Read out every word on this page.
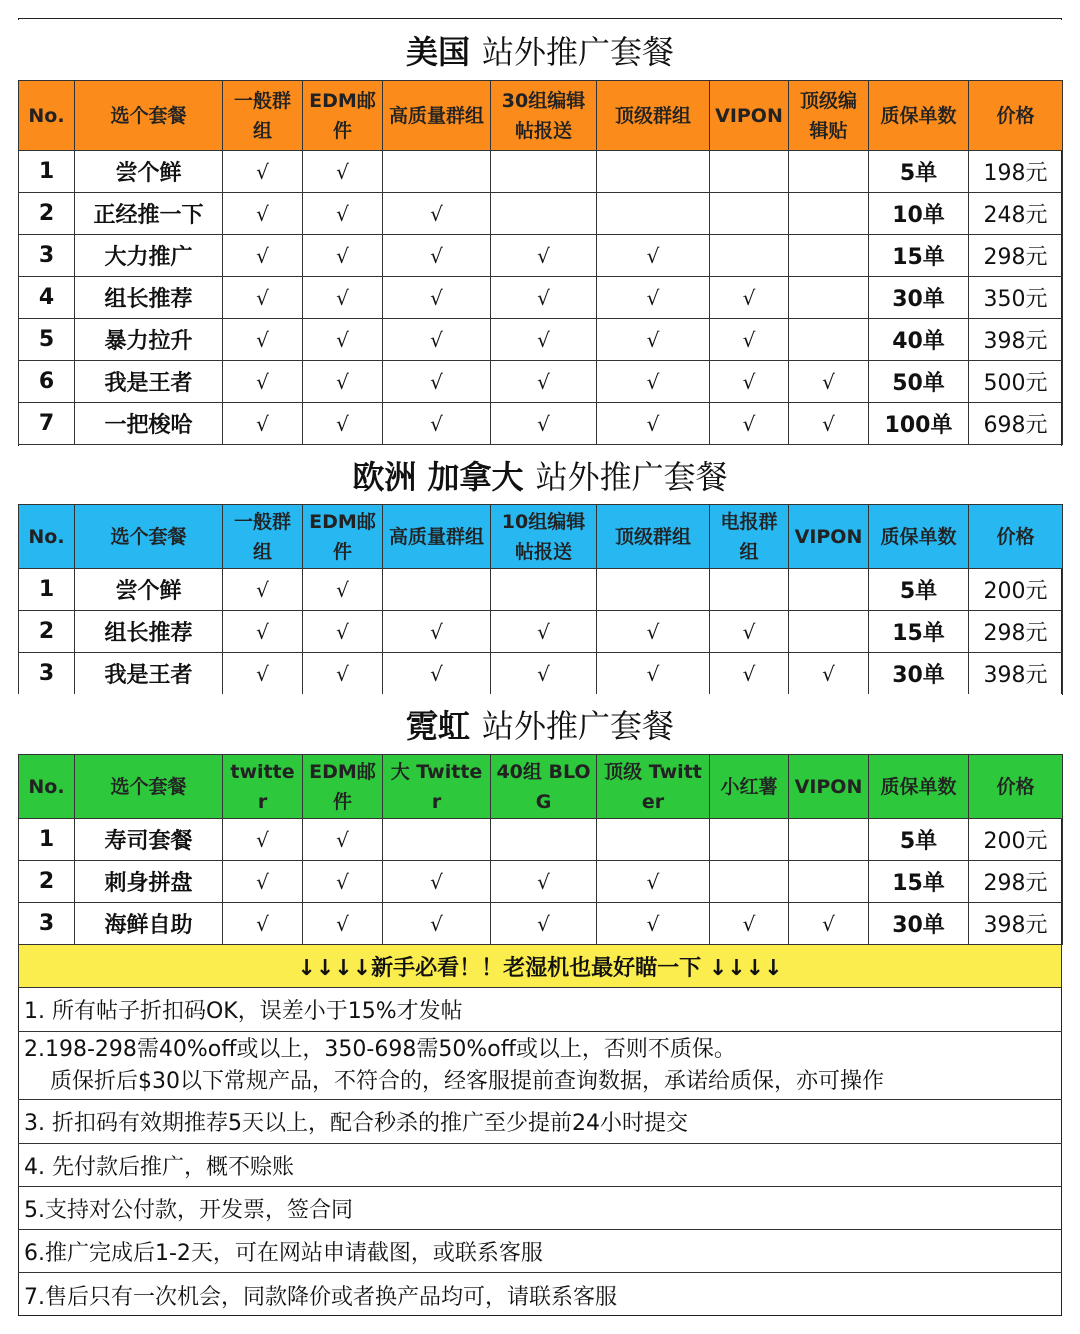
美国 站外推广套餐
No.	选个套餐	一般群组	EDM邮件	高质量群组	30组编辑帖报送	顶级群组	VIPON	顶级编辑贴	质保单数	价格
1	尝个鲜	√	√						5单	198元
2	正经推一下	√	√	√					10单	248元
3	大力推广	√	√	√	√	√			15单	298元
4	组长推荐	√	√	√	√	√	√		30单	350元
5	暴力拉升	√	√	√	√	√	√		40单	398元
6	我是王者	√	√	√	√	√	√	√	50单	500元
7	一把梭哈	√	√	√	√	√	√	√	100单	698元
欧洲 加拿大 站外推广套餐
No.	选个套餐	一般群组	EDM邮件	高质量群组	10组编辑帖报送	顶级群组	电报群组	VIPON	质保单数	价格
1	尝个鲜	√	√						5单	200元
2	组长推荐	√	√	√	√	√	√		15单	298元
3	我是王者	√	√	√	√	√	√	√	30单	398元
霓虹 站外推广套餐
No.	选个套餐	twitter	EDM邮件	大 Twitter	40组 BLOG	顶级 Twitter	小红薯	VIPON	质保单数	价格
1	寿司套餐	√	√						5单	200元
2	刺身拼盘	√	√	√	√	√			15单	298元
3	海鲜自助	√	√	√	√	√	√	√	30单	398元
↓↓↓↓新手必看！！老湿机也最好瞄一下 ↓↓↓↓
1. 所有帖子折扣码OK，误差小于15%才发帖
2.198-298需40%off或以上，350-698需50%off或以上，否则不质保。
质保折后$30以下常规产品，不符合的，经客服提前查询数据，承诺给质保，亦可操作
3. 折扣码有效期推荐5天以上，配合秒杀的推广至少提前24小时提交
4. 先付款后推广，概不赊账
5.支持对公付款，开发票，签合同
6.推广完成后1-2天，可在网站申请截图，或联系客服
7.售后只有一次机会，同款降价或者换产品均可，请联系客服
